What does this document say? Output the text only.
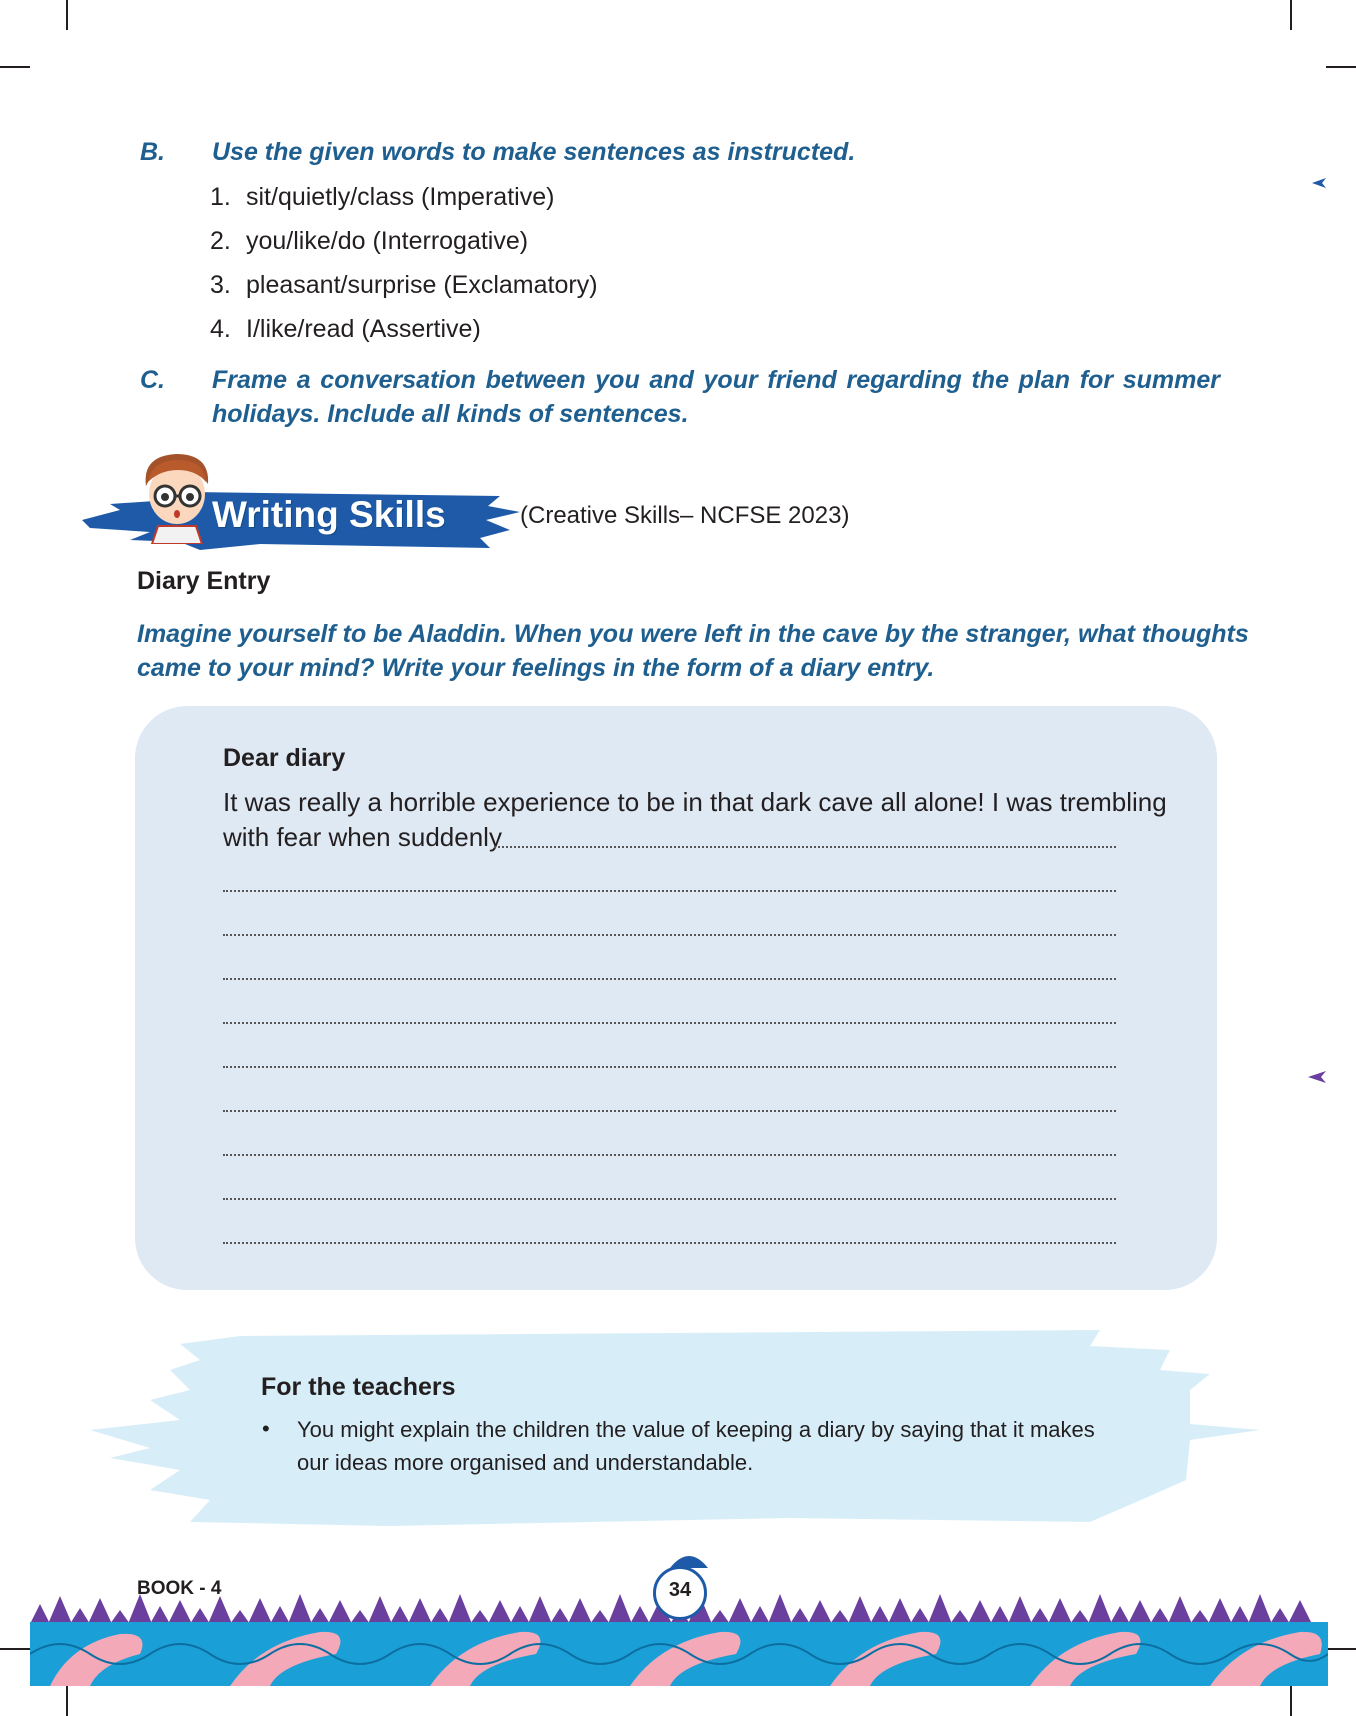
B. Use the given words to make sentences as instructed.
1. sit/quietly/class (Imperative)
2. you/like/do (Interrogative)
3. pleasant/surprise (Exclamatory)
4. I/like/read (Assertive)
C. Frame a conversation between you and your friend regarding the plan for summer
holidays. Include all kinds of sentences.
Writing Skills	(Creative Skills– NCFSE 2023)
Diary Entry
Imagine yourself to be Aladdin. When you were left in the cave by the stranger, what thoughts
came to your mind? Write your feelings in the form of a diary entry.
Dear diary
It was really a horrible experience to be in that dark cave all alone! I was trembling
with fear when suddenly
For the teachers
• You might explain the children the value of keeping a diary by saying that it makes
our ideas more organised and understandable.
BOOK - 4	34
